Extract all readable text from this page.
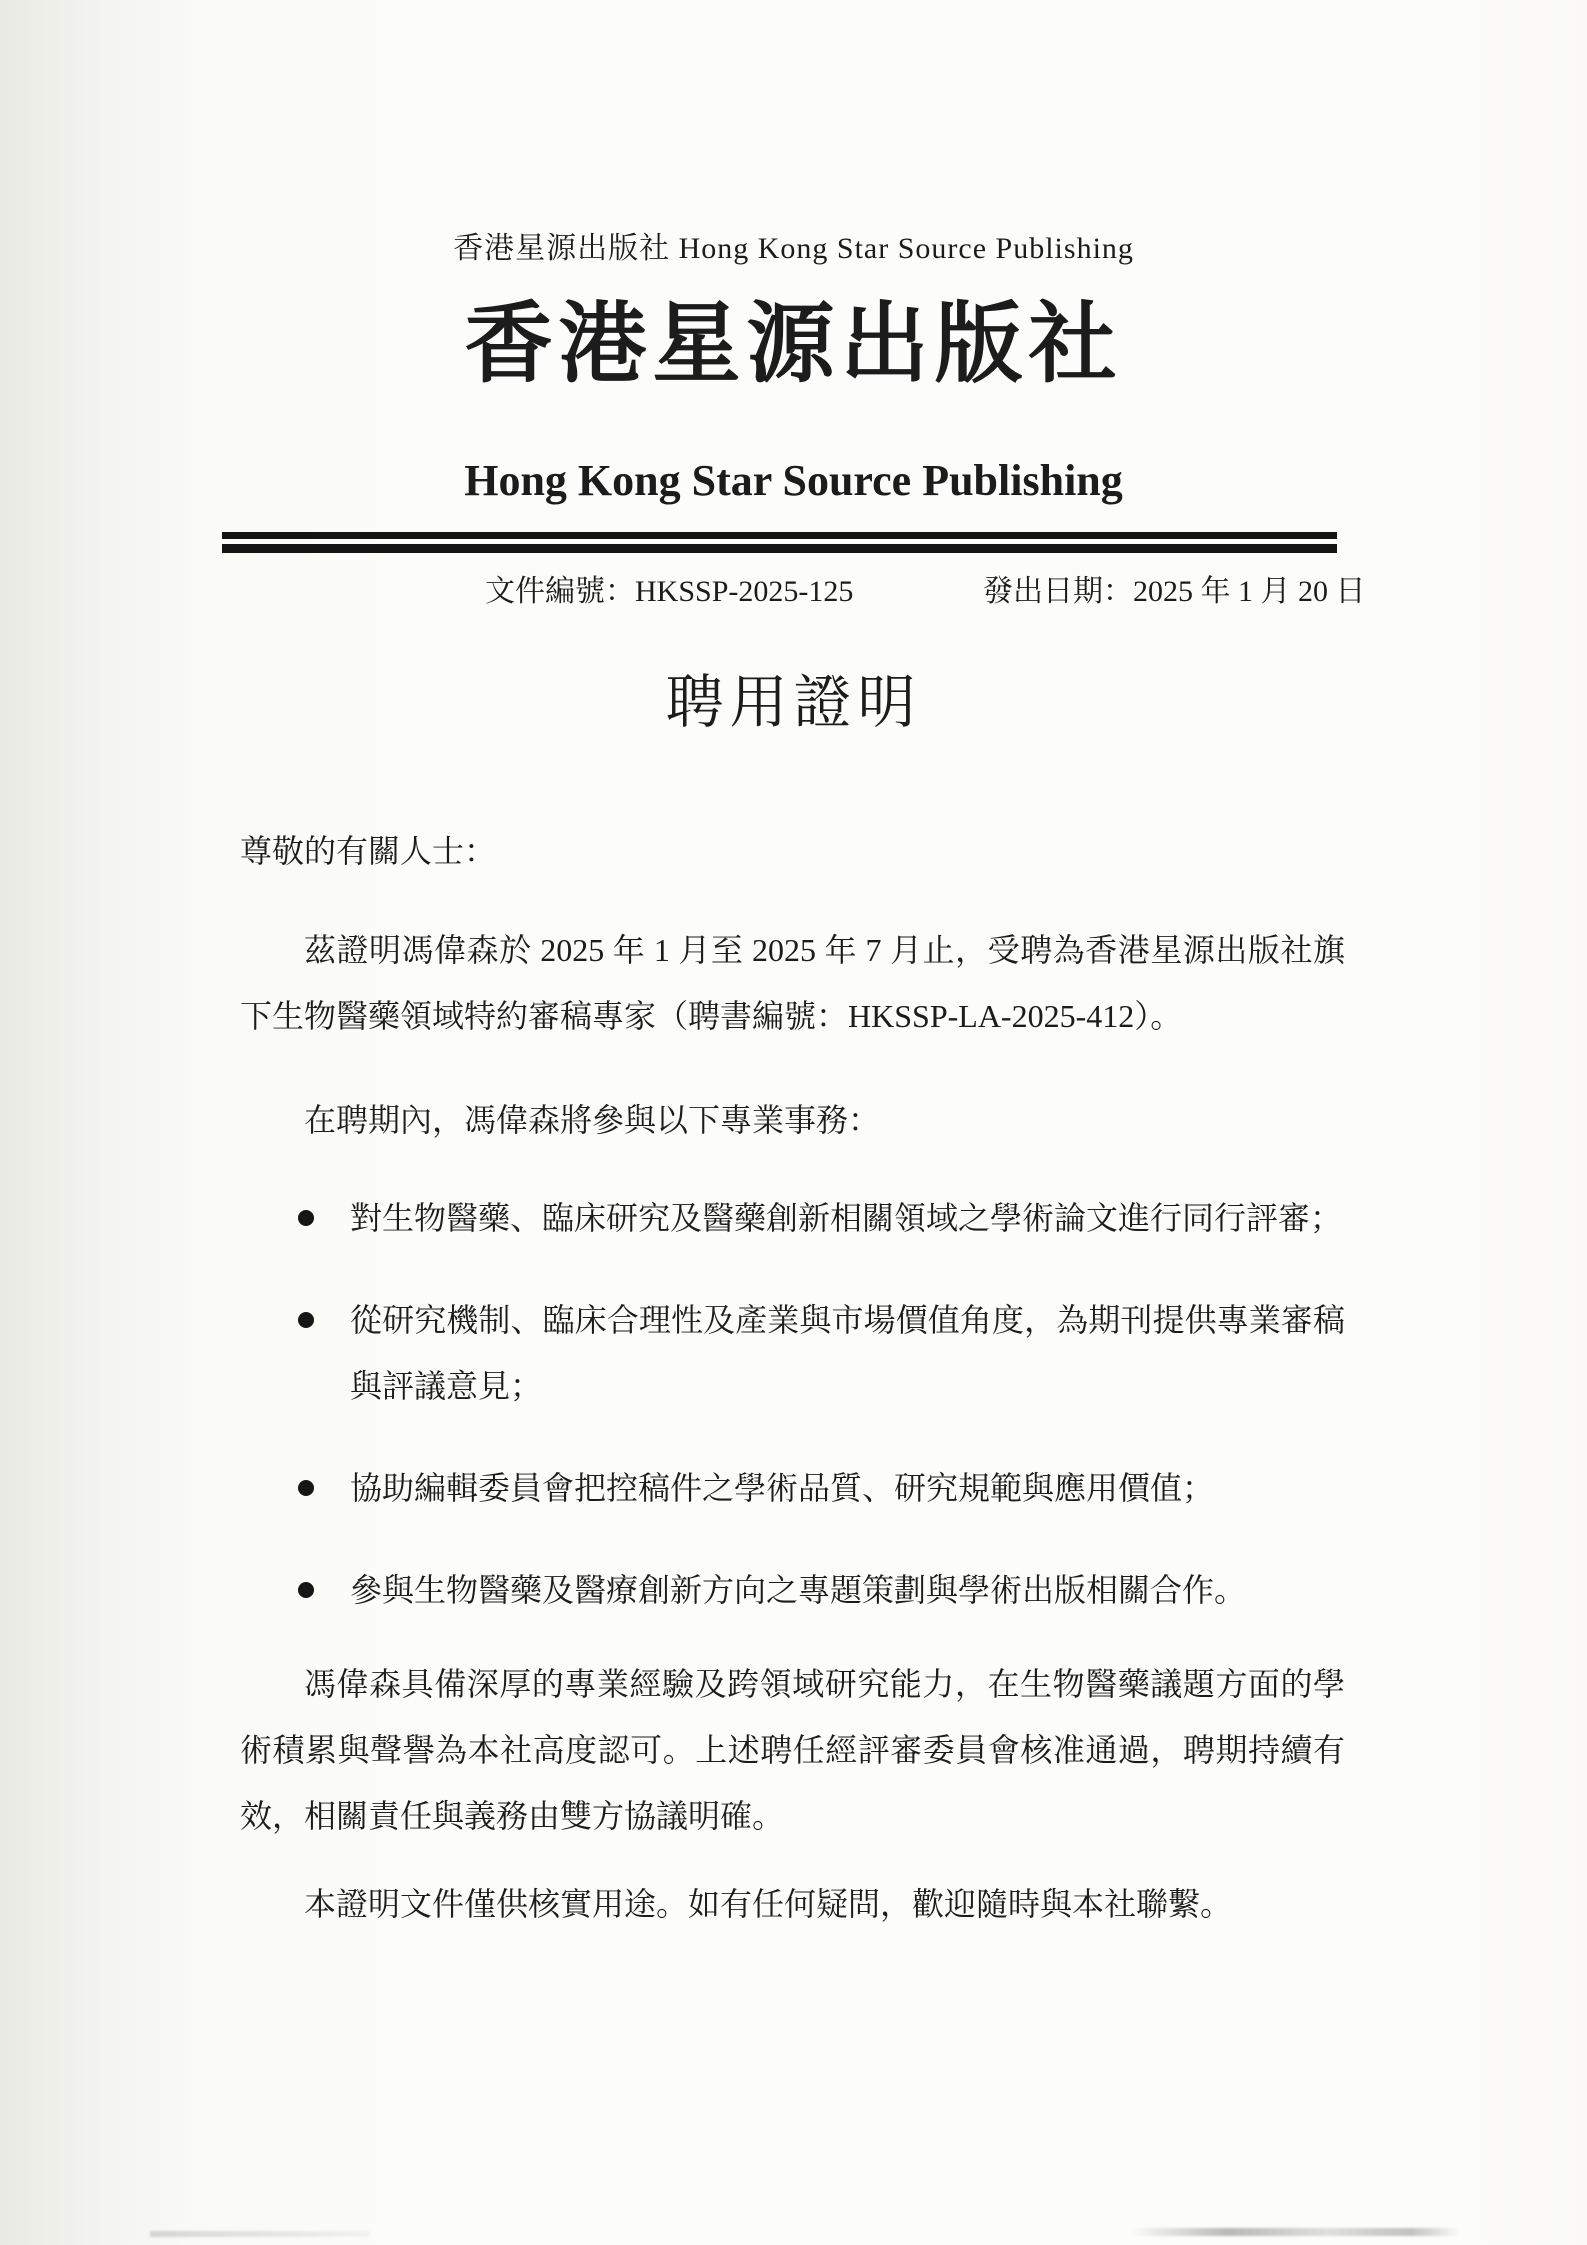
香港星源出版社 Hong Kong Star Source Publishing
香港星源出版社
Hong Kong Star Source Publishing
文件編號：HKSSP-2025-125	發出日期：2025 年 1 月 20 日
聘用證明
尊敬的有關人士：

茲證明馮偉森於 2025 年 1 月至 2025 年 7 月止，受聘為香港星源出版社旗下生物醫藥領域特約審稿專家（聘書編號：HKSSP-LA-2025-412）。

在聘期內，馮偉森將參與以下專業事務：

對生物醫藥、臨床研究及醫藥創新相關領域之學術論文進行同行評審；
從研究機制、臨床合理性及產業與市場價值角度，為期刊提供專業審稿與評議意見；
協助編輯委員會把控稿件之學術品質、研究規範與應用價值；
參與生物醫藥及醫療創新方向之專題策劃與學術出版相關合作。

馮偉森具備深厚的專業經驗及跨領域研究能力，在生物醫藥議題方面的學術積累與聲譽為本社高度認可。上述聘任經評審委員會核准通過，聘期持續有效，相關責任與義務由雙方協議明確。

本證明文件僅供核實用途。如有任何疑問，歡迎隨時與本社聯繫。
